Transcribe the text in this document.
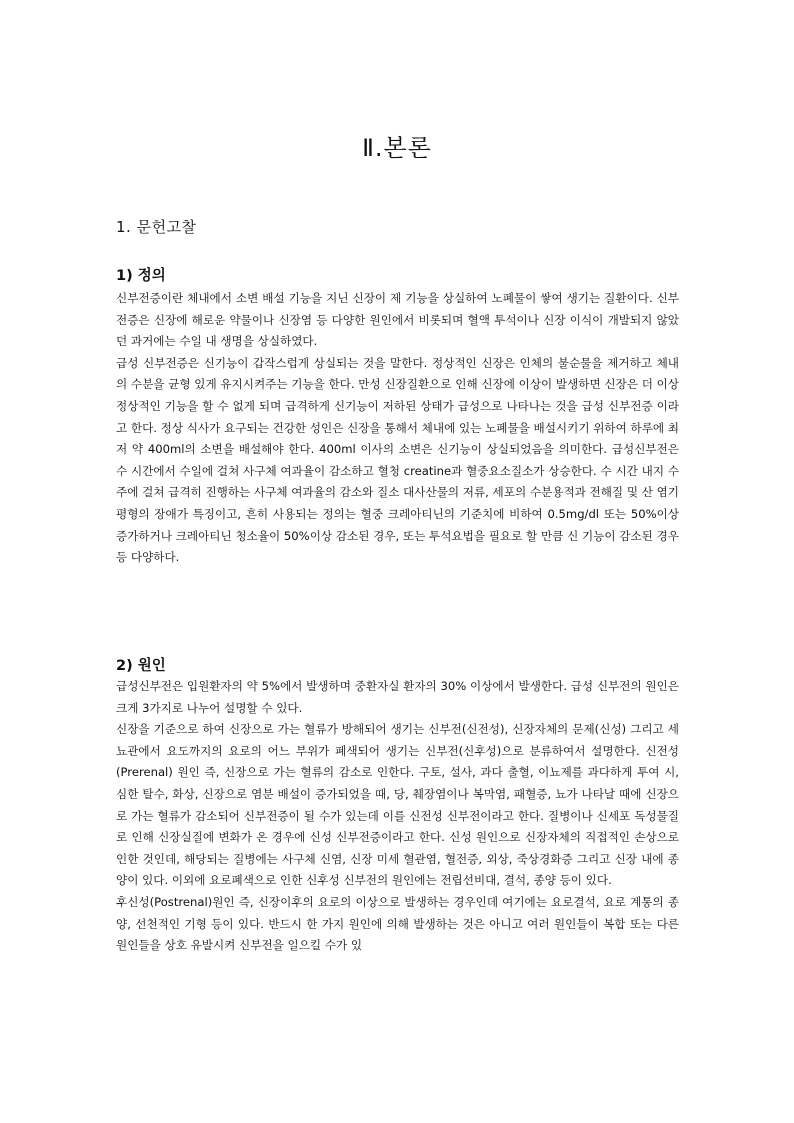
Ⅱ.본론
1. 문헌고찰
1) 정의

신부전증이란 체내에서 소변 배설 기능을 지닌 신장이 제 기능을 상실하여 노폐물이 쌓여 생기는 질환이다. 신부전증은 신장에 해로운 약물이나 신장염 등 다양한 원인에서 비롯되며 혈액 투석이나 신장 이식이 개발되지 않았던 과거에는 수일 내 생명을 상실하였다.

급성 신부전증은 신기능이 갑작스럽게 상실되는 것을 말한다. 정상적인 신장은 인체의 불순물을 제거하고 체내의 수분을 균형 있게 유지시켜주는 기능을 한다. 만성 신장질환으로 인해 신장에 이상이 발생하면 신장은 더 이상 정상적인 기능을 할 수 없게 되며 급격하게 신기능이 저하된 상태가 급성으로 나타나는 것을 급성 신부전증 이라고 한다. 정상 식사가 요구되는 건강한 성인은 신장을 통해서 체내에 있는 노폐물을 배설시키기 위하여 하루에 최저 약 400ml의 소변을 배설해야 한다. 400ml 이사의 소변은 신기능이 상실되었음을 의미한다. 급성신부전은 수 시간에서 수일에 걸쳐 사구체 여과율이 감소하고 혈청 creatine과 혈중요소질소가 상승한다. 수 시간 내지 수주에 걸쳐 급격히 진행하는 사구체 여과율의 감소와 질소 대사산물의 저류, 세포의 수분용적과 전해질 및 산 염기 평형의 장애가 특징이고, 흔히 사용되는 정의는 혈중 크레아티닌의 기준치에 비하여 0.5mg/dl 또는 50%이상 증가하거나 크레아티닌 청소율이 50%이상 감소된 경우, 또는 투석요법을 필요로 할 만큼 신 기능이 감소된 경우 등 다양하다.

2) 원인

급성신부전은 입원환자의 약 5%에서 발생하며 중환자실 환자의 30% 이상에서 발생한다. 급성 신부전의 원인은 크게 3가지로 나누어 설명할 수 있다.

신장을 기준으로 하여 신장으로 가는 혈류가 방해되어 생기는 신부전(신전성), 신장자체의 문제(신성) 그리고 세뇨관에서 요도까지의 요로의 어느 부위가 폐색되어 생기는 신부전(신후성)으로 분류하여서 설명한다. 신전성(Prerenal) 원인 즉, 신장으로 가는 혈류의 감소로 인한다. 구토, 설사, 과다 출혈, 이뇨제를 과다하게 투여 시, 심한 탈수, 화상, 신장으로 염분 배설이 증가되었을 때, 당, 췌장염이나 복막염, 패혈증, 뇨가 나타날 때에 신장으로 가는 혈류가 감소되어 신부전증이 될 수가 있는데 이를 신전성 신부전이라고 한다. 질병이나 신세포 독성물질로 인해 신장실질에 변화가 온 경우에 신성 신부전증이라고 한다. 신성 원인으로 신장자체의 직접적인 손상으로 인한 것인데, 해당되는 질병에는 사구체 신염, 신장 미세 혈관염, 혈전증, 외상, 죽상경화증 그리고 신장 내에 종양이 있다. 이외에 요로폐색으로 인한 신후성 신부전의 원인에는 전립선비대, 결석, 종양 등이 있다.

후신성(Postrenal)원인 즉, 신장이후의 요로의 이상으로 발생하는 경우인데 여기에는 요로결석, 요로 계통의 종양, 선천적인 기형 등이 있다. 반드시 한 가지 원인에 의해 발생하는 것은 아니고 여러 원인들이 복합 또는 다른 원인들을 상호 유발시켜 신부전을 일으킬 수가 있
